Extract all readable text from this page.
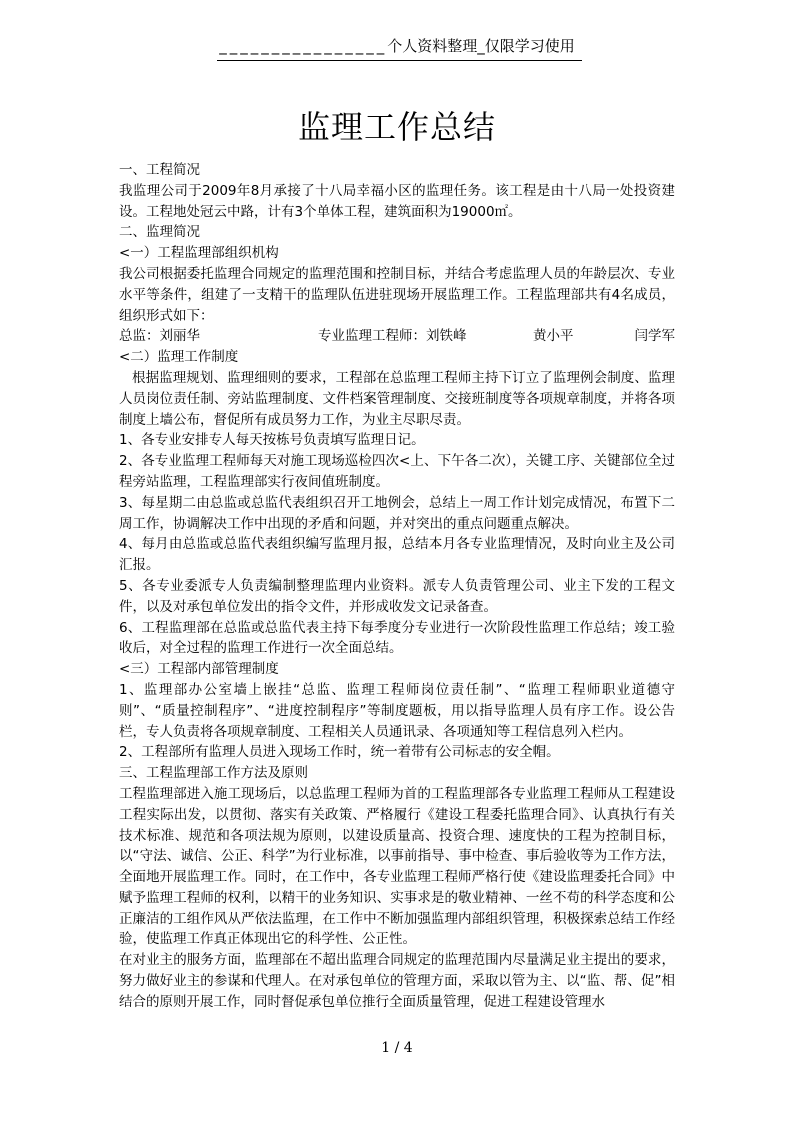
________________个人资料整理_仅限学习使用
监理工作总结

一、工程简况

我监理公司于2009年8月承接了十八局幸福小区的监理任务。该工程是由十八局一处投资建设。工程地处冠云中路，计有3个单体工程，建筑面积为19000㎡。

二、监理简况

<一）工程监理部组织机构

我公司根据委托监理合同规定的监理范围和控制目标，并结合考虑监理人员的年龄层次、专业水平等条件，组建了一支精干的监理队伍进驻现场开展监理工作。工程监理部共有4名成员，组织形式如下：

总监：刘丽华	专业监理工程师：刘铁峰	黄小平	闫学军

<二）监理工作制度

根据监理规划、监理细则的要求，工程部在总监理工程师主持下订立了监理例会制度、监理人员岗位责任制、旁站监理制度、文件档案管理制度、交接班制度等各项规章制度，并将各项制度上墙公布，督促所有成员努力工作，为业主尽职尽责。

1、各专业安排专人每天按栋号负责填写监理日记。

2、各专业监理工程师每天对施工现场巡检四次<上、下午各二次），关键工序、关键部位全过程旁站监理，工程监理部实行夜间值班制度。

3、每星期二由总监或总监代表组织召开工地例会，总结上一周工作计划完成情况，布置下二周工作，协调解决工作中出现的矛盾和问题，并对突出的重点问题重点解决。

4、每月由总监或总监代表组织编写监理月报，总结本月各专业监理情况，及时向业主及公司汇报。

5、各专业委派专人负责编制整理监理内业资料。派专人负责管理公司、业主下发的工程文件，以及对承包单位发出的指令文件，并形成收发文记录备查。

6、工程监理部在总监或总监代表主持下每季度分专业进行一次阶段性监理工作总结；竣工验收后，对全过程的监理工作进行一次全面总结。

<三）工程部内部管理制度

1、监理部办公室墙上嵌挂“总监、监理工程师岗位责任制”、“监理工程师职业道德守则”、“质量控制程序”、“进度控制程序”等制度题板，用以指导监理人员有序工作。设公告栏，专人负责将各项规章制度、工程相关人员通讯录、各项通知等工程信息列入栏内。

2、工程部所有监理人员进入现场工作时，统一着带有公司标志的安全帽。

三、工程监理部工作方法及原则

工程监理部进入施工现场后，以总监理工程师为首的工程监理部各专业监理工程师从工程建设工程实际出发，以贯彻、落实有关政策、严格履行《建设工程委托监理合同》、认真执行有关技术标准、规范和各项法规为原则，以建设质量高、投资合理、速度快的工程为控制目标，以“守法、诚信、公正、科学”为行业标准，以事前指导、事中检查、事后验收等为工作方法，全面地开展监理工作。同时，在工作中，各专业监理工程师严格行使《建设监理委托合同》中赋予监理工程师的权利，以精干的业务知识、实事求是的敬业精神、一丝不苟的科学态度和公正廉洁的工组作风从严依法监理，在工作中不断加强监理内部组织管理，积极探索总结工作经验，使监理工作真正体现出它的科学性、公正性。

在对业主的服务方面，监理部在不超出监理合同规定的监理范围内尽量满足业主提出的要求，努力做好业主的参谋和代理人。在对承包单位的管理方面，采取以管为主、以“监、帮、促”相结合的原则开展工作，同时督促承包单位推行全面质量管理，促进工程建设管理水

1 / 4
